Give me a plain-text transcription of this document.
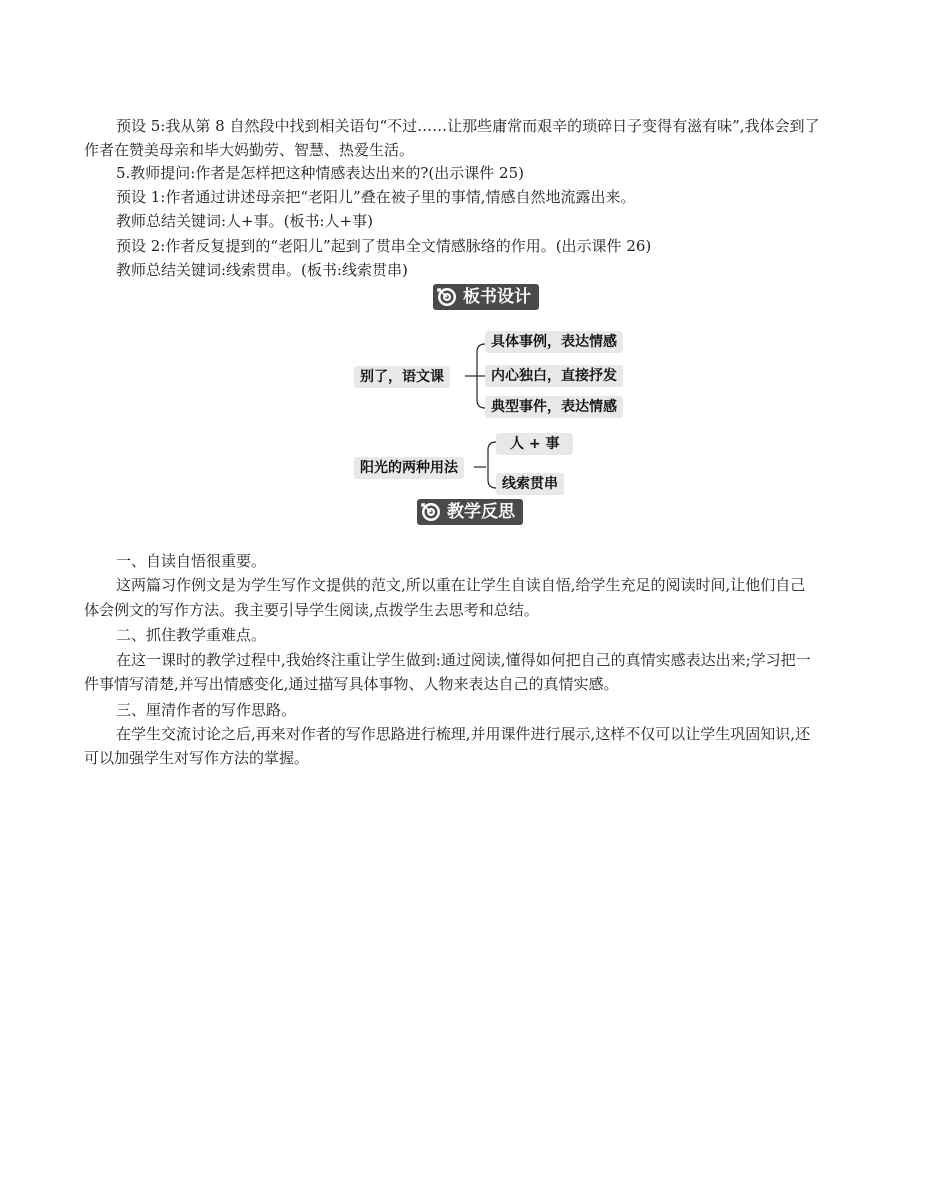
预设 5:我从第 8 自然段中找到相关语句“不过……让那些庸常而艰辛的琐碎日子变得有滋有味”,我体会到了
作者在赞美母亲和毕大妈勤劳、智慧、热爱生活。
5.教师提问:作者是怎样把这种情感表达出来的?(出示课件 25)
预设 1:作者通过讲述母亲把“老阳儿”叠在被子里的事情,情感自然地流露出来。
教师总结关键词:人+事。(板书:人+事)
预设 2:作者反复提到的“老阳儿”起到了贯串全文情感脉络的作用。(出示课件 26)
教师总结关键词:线索贯串。(板书:线索贯串)
板书设计
别了，语文课
具体事例，表达情感
内心独白，直接抒发
典型事件，表达情感
阳光的两种用法
人 + 事
线索贯串
教学反思
一、自读自悟很重要。
这两篇习作例文是为学生写作文提供的范文,所以重在让学生自读自悟,给学生充足的阅读时间,让他们自己
体会例文的写作方法。我主要引导学生阅读,点拨学生去思考和总结。
二、抓住教学重难点。
在这一课时的教学过程中,我始终注重让学生做到:通过阅读,懂得如何把自己的真情实感表达出来;学习把一
件事情写清楚,并写出情感变化,通过描写具体事物、人物来表达自己的真情实感。
三、厘清作者的写作思路。
在学生交流讨论之后,再来对作者的写作思路进行梳理,并用课件进行展示,这样不仅可以让学生巩固知识,还
可以加强学生对写作方法的掌握。
